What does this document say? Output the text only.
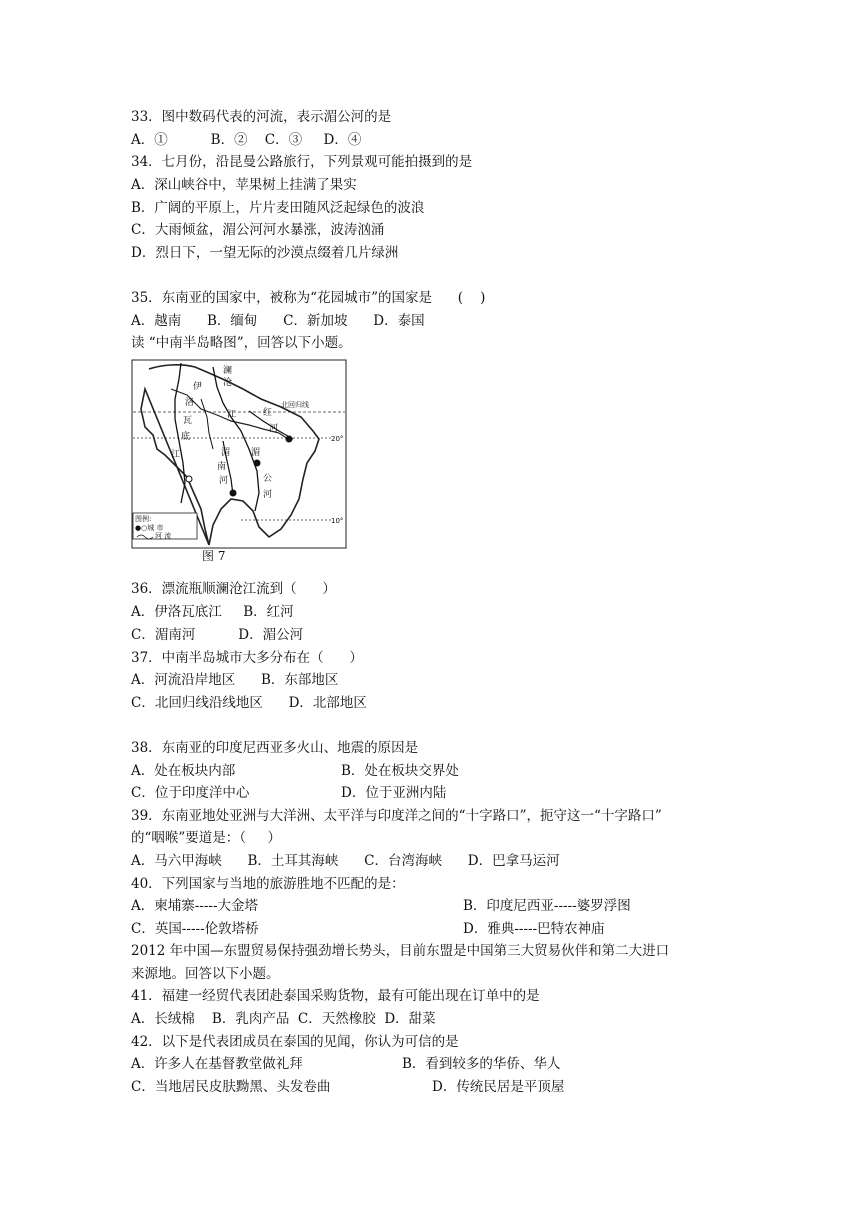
33．图中数码代表的河流，表示湄公河的是
A．①          B．②    C．③     D．④
34．七月份，沿昆曼公路旅行，下列景观可能拍摄到的是
A．深山峡谷中，苹果树上挂满了果实
B．广阔的平原上，片片麦田随风泛起绿色的波浪
C．大雨倾盆，湄公河河水暴涨，波涛汹涌
D．烈日下，一望无际的沙漠点缀着几片绿洲
35．东南亚的国家中，被称为“花园城市”的国家是      (    )
A．越南      B．缅甸      C．新加坡      D．泰国
读 “中南半岛略图”，回答以下小题。
澜
沧
江
伊
洛
瓦
底
江
红
河
湄
南
河
湄
公
河
北回归线
20°
10°
图例:
●○城 市
河 流
图 7
36．漂流瓶顺澜沧江流到（      ）
A．伊洛瓦底江     B．红河
C．湄南河          D．湄公河
37．中南半岛城市大多分布在（      ）
A．河流沿岸地区      B．东部地区
C．北回归线沿线地区      D．北部地区
38．东南亚的印度尼西亚多火山、地震的原因是
A．处在板块内部	B．处在板块交界处
C．位于印度洋中心	D．位于亚洲内陆
39．东南亚地处亚洲与大洋洲、太平洋与印度洋之间的“十字路口”，扼守这一“十字路口”
的“咽喉”要道是：（     ）
A．马六甲海峡      B．土耳其海峡      C．台湾海峡      D．巴拿马运河
40．下列国家与当地的旅游胜地不匹配的是：
A．柬埔寨-----大金塔	B．印度尼西亚-----婆罗浮图
C．英国-----伦敦塔桥	D．雅典-----巴特农神庙
2012 年中国—东盟贸易保持强劲增长势头，目前东盟是中国第三大贸易伙伴和第二大进口
来源地。回答以下小题。
41．福建一经贸代表团赴泰国采购货物，最有可能出现在订单中的是
A．长绒棉    B．乳肉产品  C．天然橡胶  D．甜菜
42．以下是代表团成员在泰国的见闻，你认为可信的是
A．许多人在基督教堂做礼拜	B．看到较多的华侨、华人
C．当地居民皮肤黝黑、头发卷曲	D．传统民居是平顶屋
